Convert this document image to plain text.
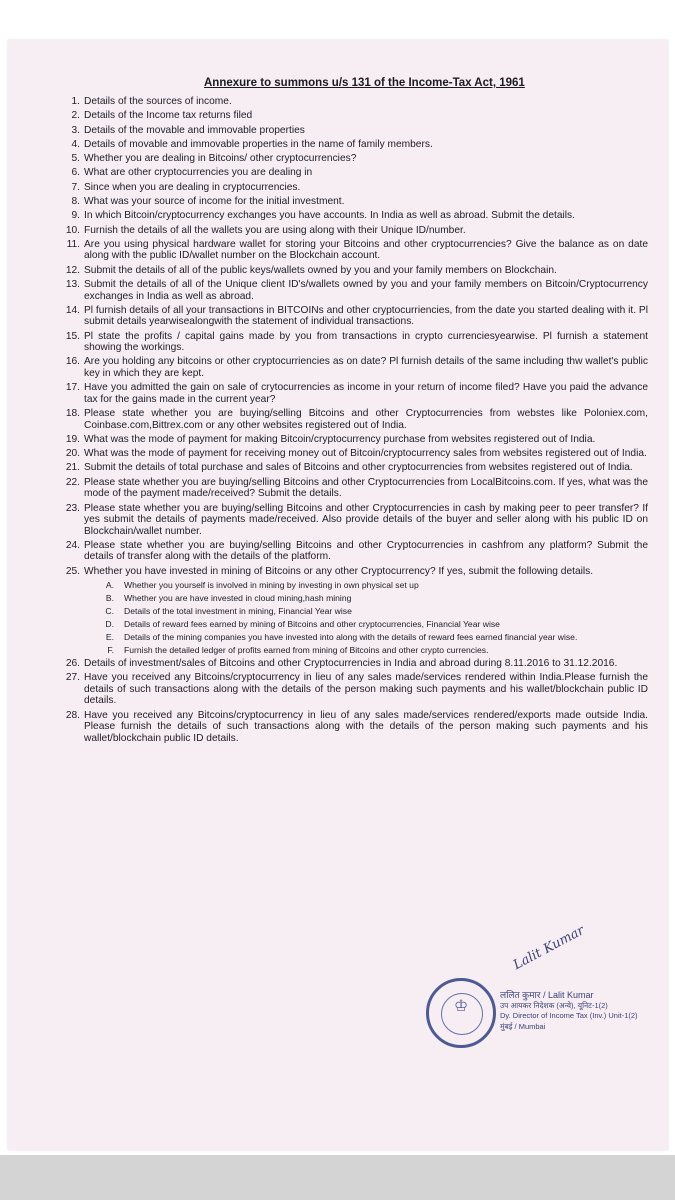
Annexure to summons u/s 131 of the Income-Tax Act, 1961
1. Details of the sources of income.
2. Details of the Income tax returns filed
3. Details of the movable and immovable properties
4. Details of movable and immovable properties in the name of family members.
5. Whether you are dealing in Bitcoins/ other cryptocurrencies?
6. What are other cryptocurrencies you are dealing in
7. Since when you are dealing in cryptocurrencies.
8. What was your source of income for the initial investment.
9. In which Bitcoin/cryptocurrency exchanges you have accounts. In India as well as abroad. Submit the details.
10. Furnish the details of all the wallets you are using along with their Unique ID/number.
11. Are you using physical hardware wallet for storing your Bitcoins and other cryptocurrencies? Give the balance as on date along with the public ID/wallet number on the Blockchain account.
12. Submit the details of all of the public keys/wallets owned by you and your family members on Blockchain.
13. Submit the details of all of the Unique client ID's/wallets owned by you and your family members on Bitcoin/Cryptocurrency exchanges in India as well as abroad.
14. Pl furnish details of all your transactions in BITCOINs and other cryptocurriencies, from the date you started dealing with it. Pl submit details yearwisealongwith the statement of individual transactions.
15. Pl state the profits / capital gains made by you from transactions in crypto currenciesyearwise. Pl furnish a statement showing the workings.
16. Are you holding any bitcoins or other cryptocurriencies as on date? Pl furnish details of the same including thw wallet's public key in which they are kept.
17. Have you admitted the gain on sale of crytocurrencies as income in your return of income filed? Have you paid the advance tax for the gains made in the current year?
18. Please state whether you are buying/selling Bitcoins and other Cryptocurrencies from webstes like Poloniex.com, Coinbase.com,Bittrex.com or any other websites registered out of India.
19. What was the mode of payment for making Bitcoin/cryptocurrency purchase from websites registered out of India.
20. What was the mode of payment for receiving money out of Bitcoin/cryptocurrency sales from websites registered out of India.
21. Submit the details of total purchase and sales of Bitcoins and other cryptocurrencies from websites registered out of India.
22. Please state whether you are buying/selling Bitcoins and other Cryptocurrencies from LocalBitcoins.com. If yes, what was the mode of the payment made/received? Submit the details.
23. Please state whether you are buying/selling Bitcoins and other Cryptocurrencies in cash by making peer to peer transfer? If yes submit the details of payments made/received. Also provide details of the buyer and seller along with his public ID on Blockchain/wallet number.
24. Please state whether you are buying/selling Bitcoins and other Cryptocurrencies in cashfrom any platform? Submit the details of transfer along with the details of the platform.
25. Whether you have invested in mining of Bitcoins or any other Cryptocurrency? If yes, submit the following details.
A. Whether you yourself is involved in mining by investing in own physical set up
B. Whether you are have invested in cloud mining,hash mining
C. Details of the total investment in mining, Financial Year wise
D. Details of reward fees earned by mining of Bitcoins and other cryptocurrencies, Financial Year wise
E. Details of the mining companies you have invested into along with the details of reward fees earned financial year wise.
F. Furnish the detailed ledger of profits earned from mining of Bitcoins and other crypto currencies.
26. Details of investment/sales of Bitcoins and other Cryptocurrencies in India and abroad during 8.11.2016 to 31.12.2016.
27. Have you received any Bitcoins/cryptocurrency in lieu of any sales made/services rendered within India.Please furnish the details of such transactions along with the details of the person making such payments and his wallet/blockchain public ID details.
28. Have you received any Bitcoins/cryptocurrency in lieu of any sales made/services rendered/exports made outside India. Please furnish the details of such transactions along with the details of the person making such payments and his wallet/blockchain public ID details.
♔
Lalit Kumar
ललित कुमार / Lalit Kumar
उप आयकर निदेशक (अन्वे), यूनिट-1(2)
Dy. Director of Income Tax (Inv.) Unit-1(2)
मुंबई / Mumbai
